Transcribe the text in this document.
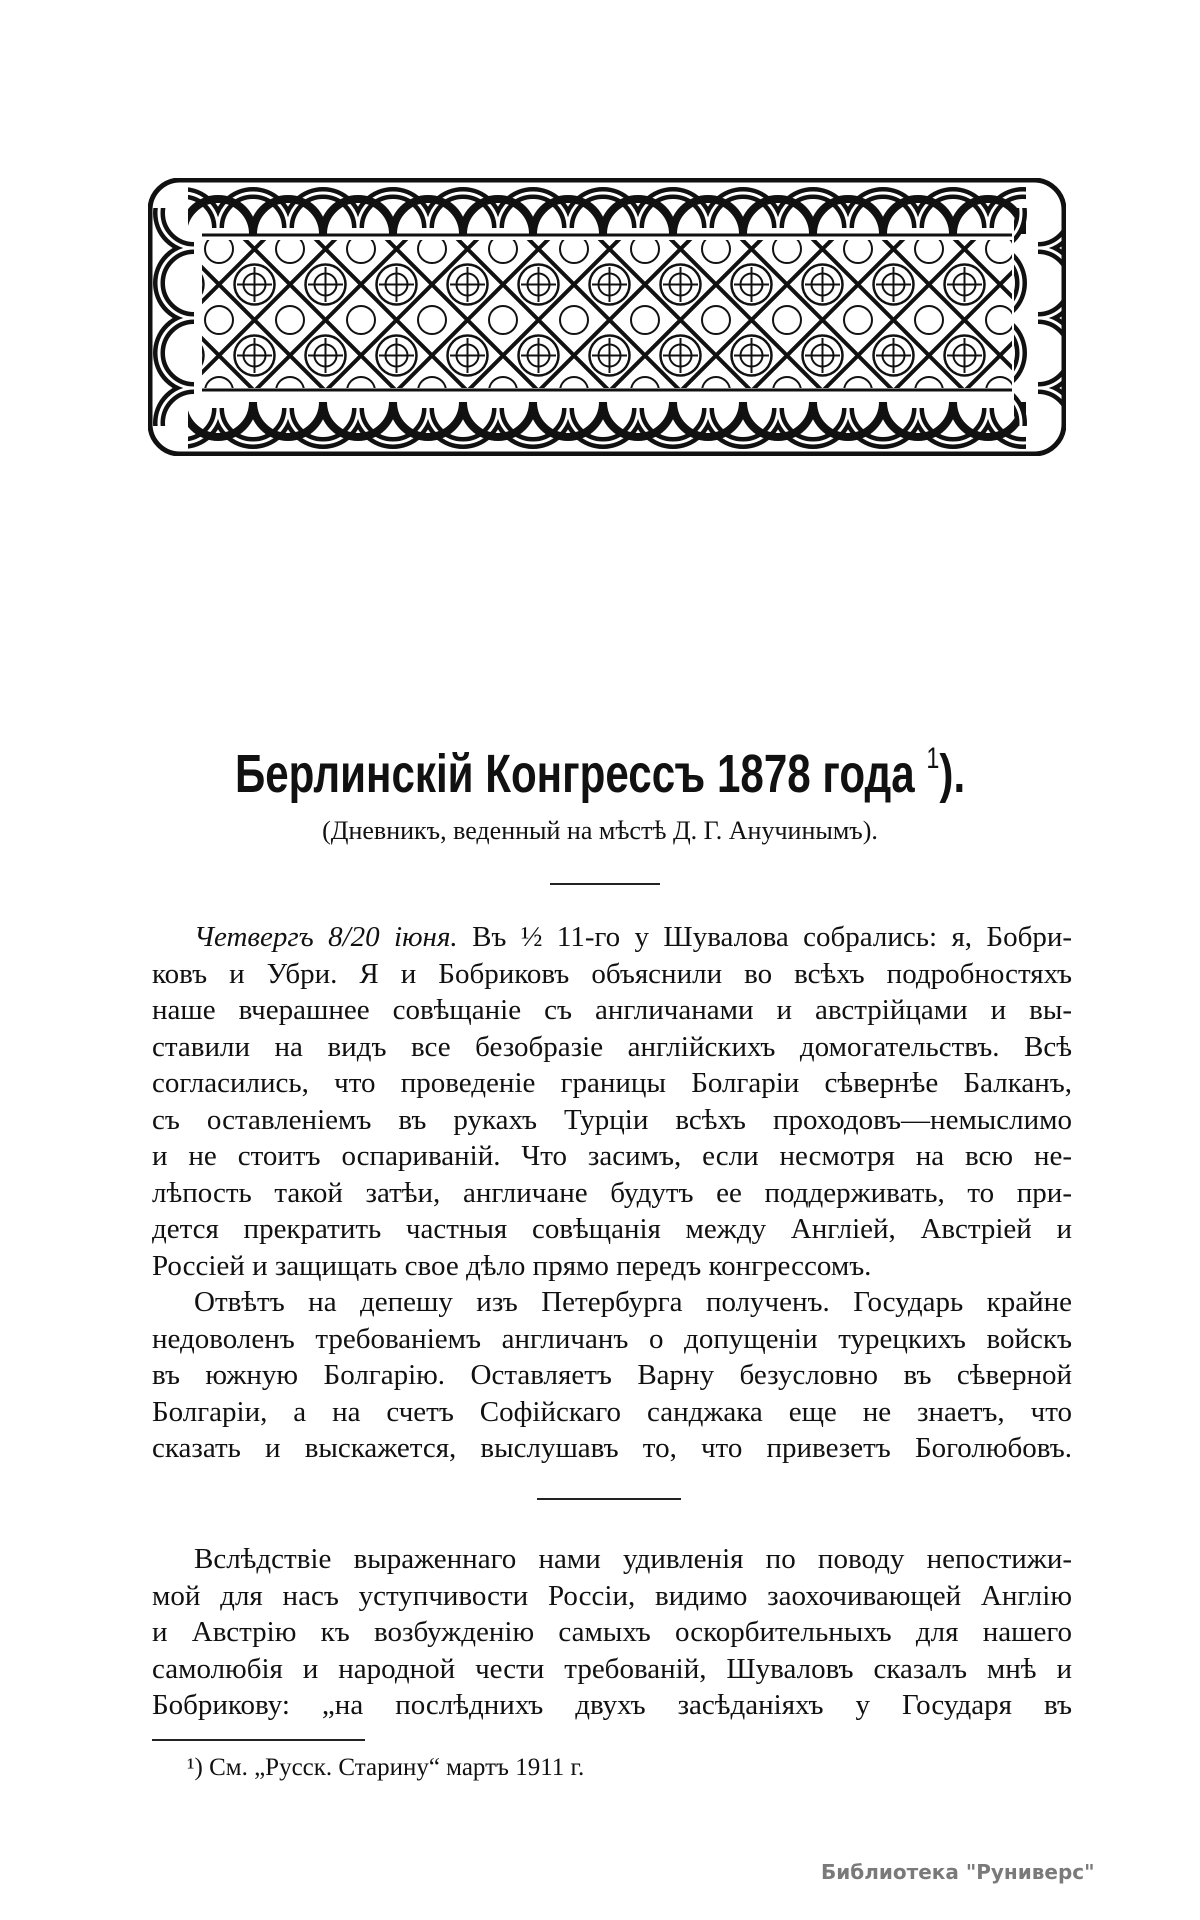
Берлинскій Конгрессъ 1878 года $^1$).
(Дневникъ, веденный на мѣстѣ Д. Г. Анучинымъ).
Четвергъ 8/20 іюня. Въ ½ 11-го у Шувалова собрались: я, Бобри-
ковъ и Убри. Я и Бобриковъ объяснили во всѣхъ подробностяхъ
наше вчерашнее совѣщаніе съ англичанами и австрійцами и вы-
ставили на видъ все безобразіе англійскихъ домогательствъ. Всѣ
согласились, что проведеніе границы Болгаріи сѣвернѣе Балканъ,
съ оставленіемъ въ рукахъ Турціи всѣхъ проходовъ—немыслимо
и не стоитъ оспариваній. Что засимъ, если несмотря на всю не-
лѣпость такой затѣи, англичане будутъ ее поддерживать, то при-
дется прекратить частныя совѣщанія между Англіей, Австріей и
Россіей и защищать свое дѣло прямо передъ конгрессомъ.
Отвѣтъ на депешу изъ Петербурга полученъ. Государь крайне
недоволенъ требованіемъ англичанъ о допущеніи турецкихъ войскъ
въ южную Болгарію. Оставляетъ Варну безусловно въ сѣверной
Болгаріи, а на счетъ Софійскаго санджака еще не знаетъ, что
сказать и выскажется, выслушавъ то, что привезетъ Боголюбовъ.
Вслѣдствіе выраженнаго нами удивленія по поводу непостижи-
мой для насъ уступчивости Россіи, видимо заохочивающей Англію
и Австрію къ возбужденію самыхъ оскорбительныхъ для нашего
самолюбія и народной чести требованій, Шуваловъ сказалъ мнѣ и
Бобрикову: „на послѣднихъ двухъ засѣданіяхъ у Государя въ
¹) См. „Русск. Старину“ мартъ 1911 г.
Библиотека "Руниверс"
